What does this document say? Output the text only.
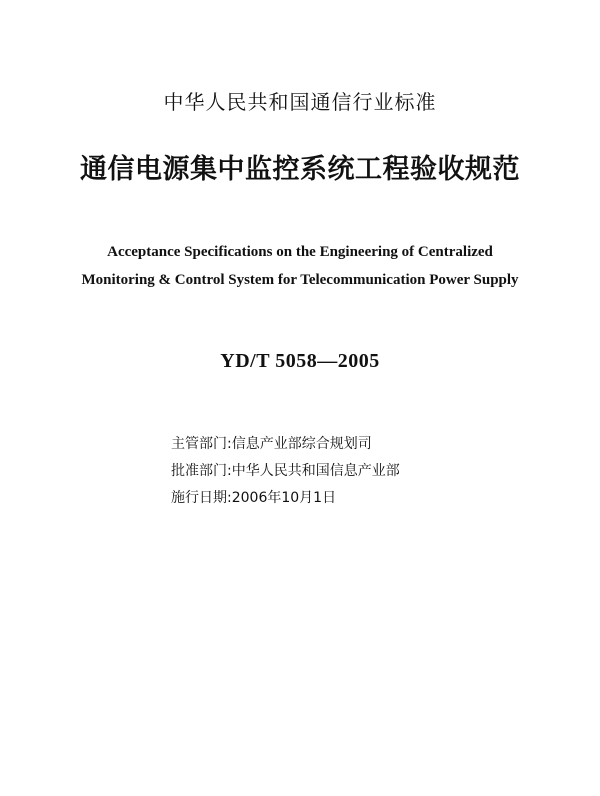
中华人民共和国通信行业标准
通信电源集中监控系统工程验收规范
Acceptance Specifications on the Engineering of Centralized
Monitoring & Control System for Telecommunication Power Supply
YD/T 5058—2005
主管部门:信息产业部综合规划司
批准部门:中华人民共和国信息产业部
施行日期:2006年10月1日
